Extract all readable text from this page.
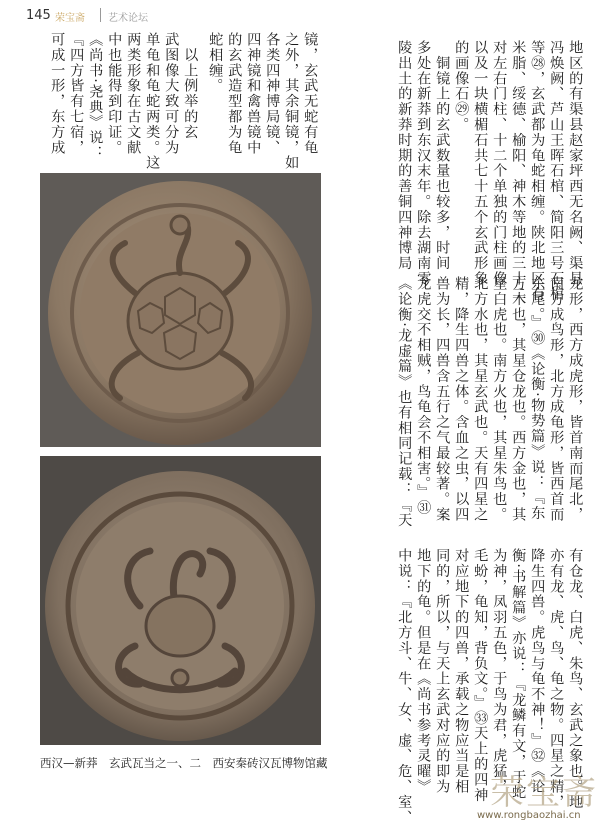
145 荣宝斋 艺术论坛
地区的有渠县赵家坪西无名阙、渠县
冯焕阙、芦山王晖石棺、简阳三号石棺
等㉘，玄武都为龟蛇相缠。陕北地区有
米脂、绥德、榆阳、神木等地的三十二
对左右门柱、十二个单独的门柱画像
以及一块横楣石共七十五个玄武形象
的画像石㉙。
　铜镜上的玄武数量也较多，时间
多处在新莽到东汉末年。除去湖南零
陵出土的新莽时期的善铜四神博局
镜，玄武无蛇有龟
之外，其余铜镜，如
各类四神博局镜、
四神镜和禽兽镜中
的玄武造型都为龟
蛇相缠。
　以上例举的玄
武图像大致可分为
单龟和龟蛇两类。这
两类形象在古文献
中也能得到印证。
《尚书·尧典》说：
『四方皆有七宿，
可成一形，东方成
龙形，西方成虎形，皆首南而尾北，
南方成鸟形，北方成龟形，皆西首而
东尾。』㉚《论衡·物势篇》说：『东
方木也，其星仓龙也。西方金也，其
星白虎也。南方火也，其星朱鸟也。
北方水也，其星玄武也。天有四星之
精，降生四兽之体。含血之虫，以四
兽为长，四兽含五行之气最较著。案
龙虎交不相贼，鸟龟会不相害。』㉛
《论衡·龙虚篇》也有相同记载：『天
有仓龙、白虎、朱鸟、玄武之象也。地
亦有龙、虎、鸟、龟之物。四星之精，
降生四兽。虎鸟与龟不神！』㉜《论
衡·书解篇》亦说：『龙鳞有文，于蛇
为神，凤羽五色，于鸟为君，虎猛，
毛蚡，龟知，背负文。』㉝天上的四神
对应地下的四兽，承载之物应当是相
同的，所以，与天上玄武对应的即为
地下的龟。但是在《尚书参考灵曜》
中说：『北方斗、牛、女、虚、危、室、
西汉—新莽　玄武瓦当之一、二　西安秦砖汉瓦博物馆藏
荣宝斋
www.rongbaozhai.cn
